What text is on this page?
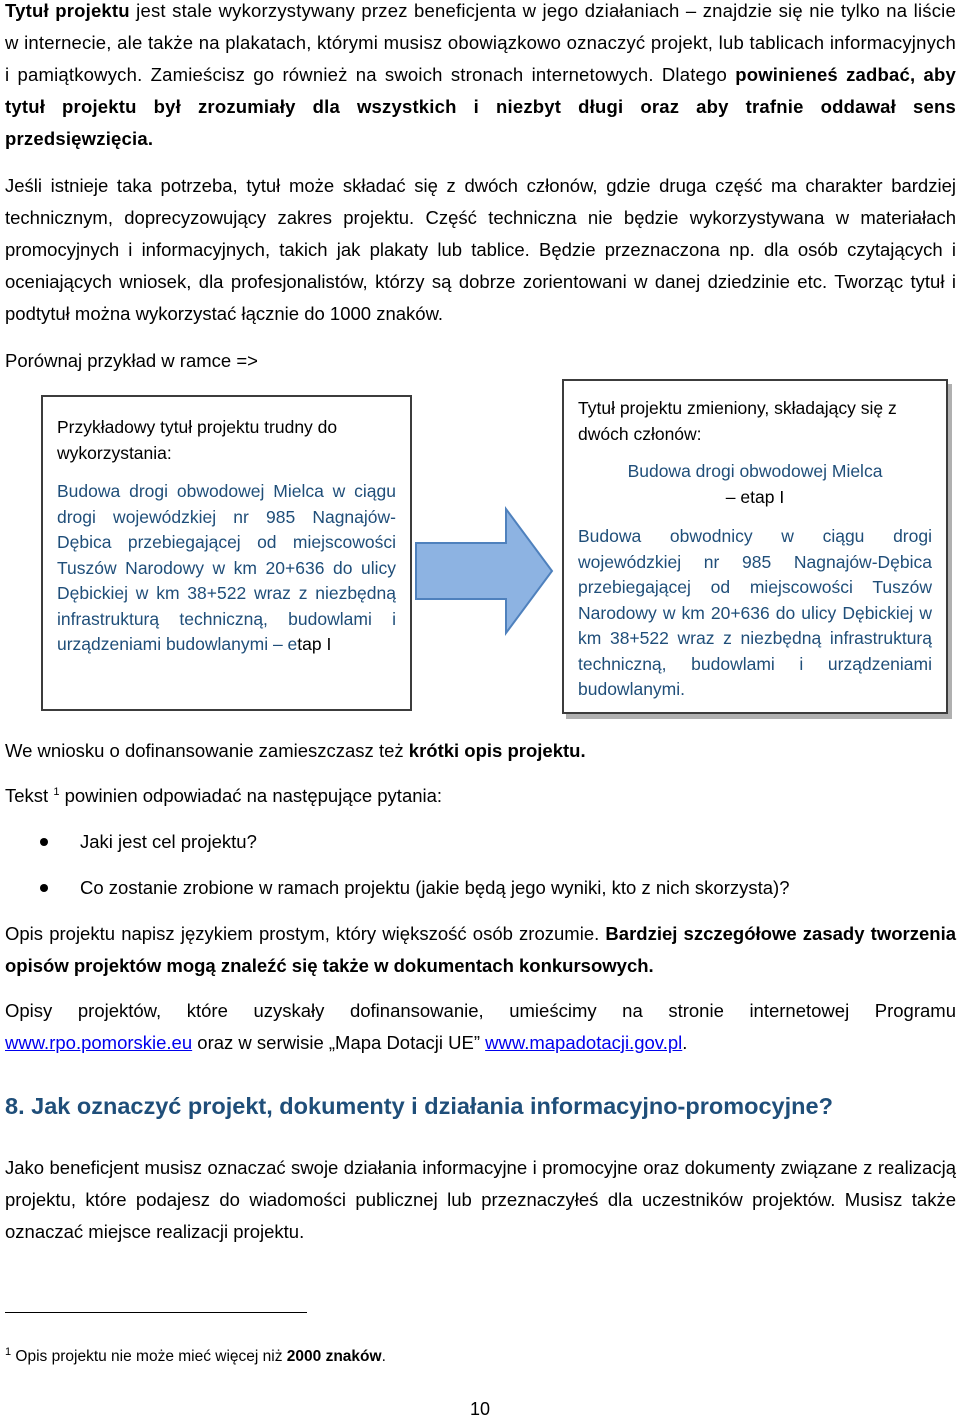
Tytuł projektu jest stale wykorzystywany przez beneficjenta w jego działaniach – znajdzie się nie tylko na liście w internecie, ale także na plakatach, którymi musisz obowiązkowo oznaczyć projekt, lub tablicach informacyjnych i pamiątkowych. Zamieścisz go również na swoich stronach internetowych. Dlatego powinieneś zadbać, aby tytuł projektu był zrozumiały dla wszystkich i niezbyt długi oraz aby trafnie oddawał sens przedsięwzięcia.
Jeśli istnieje taka potrzeba, tytuł może składać się z dwóch członów, gdzie druga część ma charakter bardziej technicznym, doprecyzowujący zakres projektu. Część techniczna nie będzie wykorzystywana w materiałach promocyjnych i informacyjnych, takich jak plakaty lub tablice. Będzie przeznaczona np. dla osób czytających i oceniających wniosek, dla profesjonalistów, którzy są dobrze zorientowani w danej dziedzinie etc. Tworząc tytuł i podtytuł można wykorzystać łącznie do 1000 znaków.
Porównaj przykład w ramce =>
Przykładowy tytuł projektu trudny do wykorzystania:
Budowa drogi obwodowej Mielca w ciągu drogi wojewódzkiej nr 985 Nagnajów-Dębica przebiegającej od miejscowości Tuszów Narodowy w km 20+636 do ulicy Dębickiej w km 38+522 wraz z niezbędną infrastrukturą techniczną, budowlami i urządzeniami budowlanymi – etap I
Tytuł projektu zmieniony, składający się z dwóch członów:
Budowa drogi obwodowej Mielca
– etap I
Budowa obwodnicy w ciągu drogi wojewódzkiej nr 985 Nagnajów-Dębica przebiegającej od miejscowości Tuszów Narodowy w km 20+636 do ulicy Dębickiej w km 38+522 wraz z niezbędną infrastrukturą techniczną, budowlami i urządzeniami budowlanymi.
We wniosku o dofinansowanie zamieszczasz też krótki opis projektu.
Tekst $^1$ powinien odpowiadać na następujące pytania:
Jaki jest cel projektu?
Co zostanie zrobione w ramach projektu (jakie będą jego wyniki, kto z nich skorzysta)?
Opis projektu napisz językiem prostym, który większość osób zrozumie. Bardziej szczegółowe zasady tworzenia opisów projektów mogą znaleźć się także w dokumentach konkursowych.
Opisy projektów, które uzyskały dofinansowanie, umieścimy na stronie internetowej Programu www.rpo.pomorskie.eu oraz w serwisie „Mapa Dotacji UE” www.mapadotacji.gov.pl.
8. Jak oznaczyć projekt, dokumenty i działania informacyjno-promocyjne?
Jako beneficjent musisz oznaczać swoje działania informacyjne i promocyjne oraz dokumenty związane z realizacją projektu, które podajesz do wiadomości publicznej lub przeznaczyłeś dla uczestników projektów. Musisz także oznaczać miejsce realizacji projektu.
$^1$ Opis projektu nie może mieć więcej niż 2000 znaków.
10
